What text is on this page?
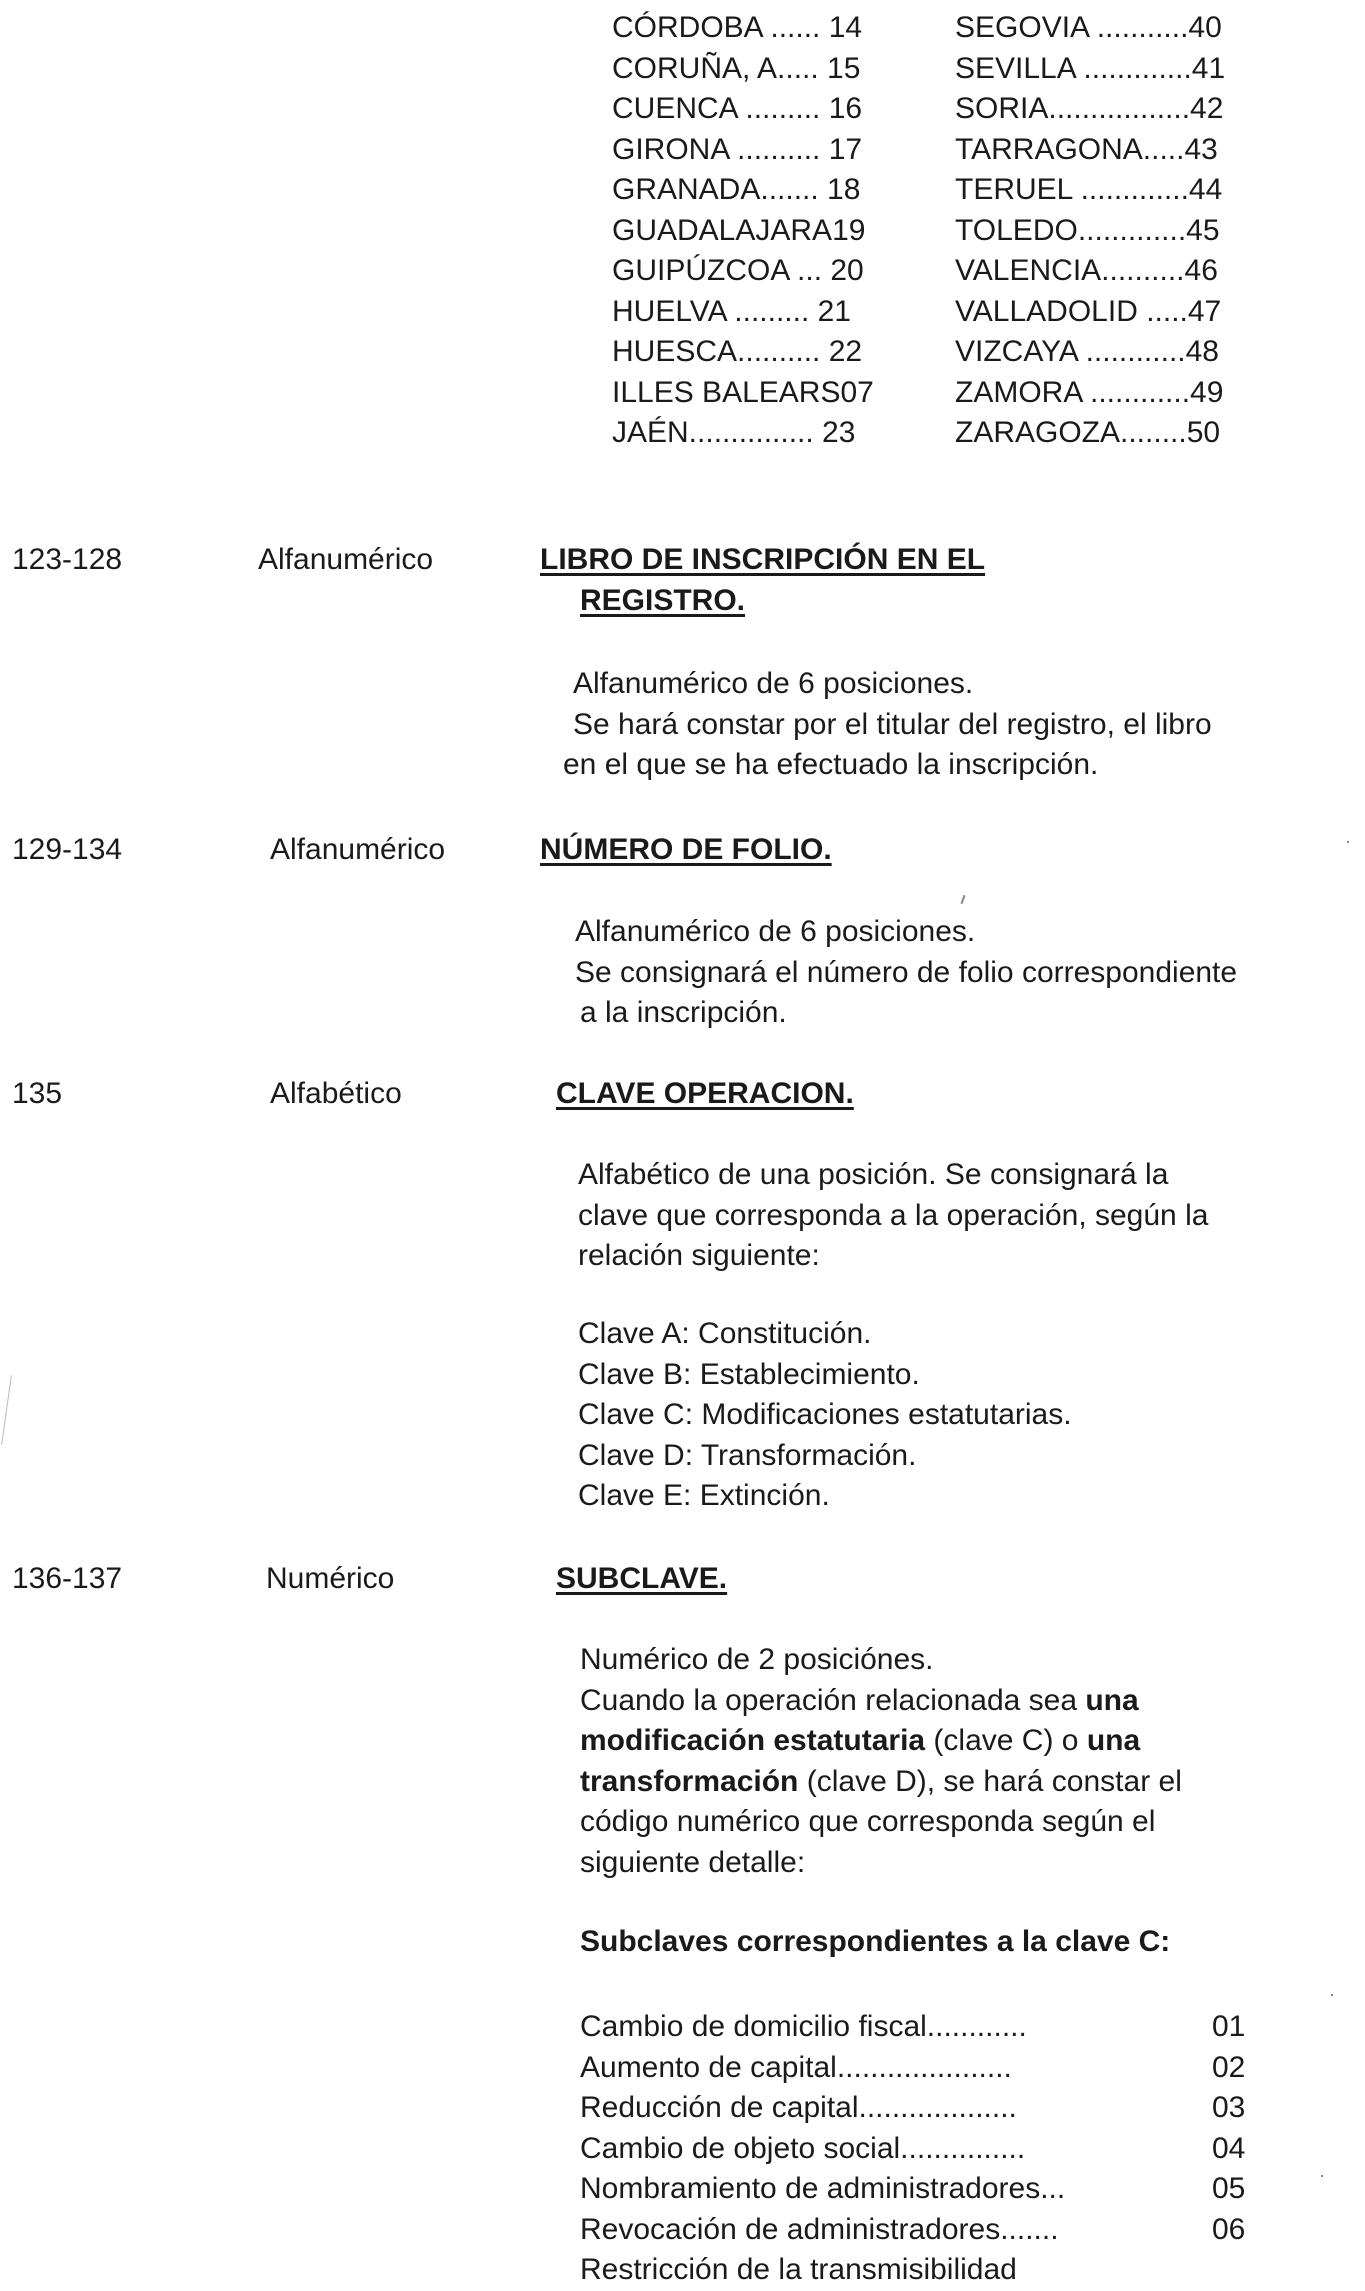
CÓRDOBA ...... 14
CORUÑA, A..... 15
CUENCA ......... 16
GIRONA .......... 17
GRANADA....... 18
GUADALAJARA19
GUIPÚZCOA ... 20
HUELVA ......... 21
HUESCA.......... 22
ILLES BALEARS07
JAÉN............... 23
SEGOVIA ...........40
SEVILLA .............41
SORIA.................42
TARRAGONA.....43
TERUEL .............44
TOLEDO.............45
VALENCIA..........46
VALLADOLID .....47
VIZCAYA ............48
ZAMORA ............49
ZARAGOZA........50
123-128	Alfanumérico	LIBRO DE INSCRIPCIÓN EN EL
REGISTRO.
Alfanumérico de 6 posiciones.
Se hará constar por el titular del registro, el libro
en el que se ha efectuado la inscripción.
129-134	Alfanumérico	NÚMERO DE FOLIO.
Alfanumérico de 6 posiciones.
Se consignará el número de folio correspondiente
a la inscripción.
135	Alfabético	CLAVE OPERACION.
Alfabético de una posición. Se consignará la
clave que corresponda a la operación, según la
relación siguiente:
Clave A: Constitución.
Clave B: Establecimiento.
Clave C: Modificaciones estatutarias.
Clave D: Transformación.
Clave E: Extinción.
136-137	Numérico	SUBCLAVE.
Numérico de 2 posiciónes.
Cuando la operación relacionada sea una
modificación estatutaria (clave C) o una
transformación (clave D), se hará constar el
código numérico que corresponda según el
siguiente detalle:
Subclaves correspondientes a la clave C:
Cambio de domicilio fiscal............	01
Aumento de capital.....................	02
Reducción de capital...................	03
Cambio de objeto social...............	04
Nombramiento de administradores...	05
Revocación de administradores.......	06
Restricción de la transmisibilidad
